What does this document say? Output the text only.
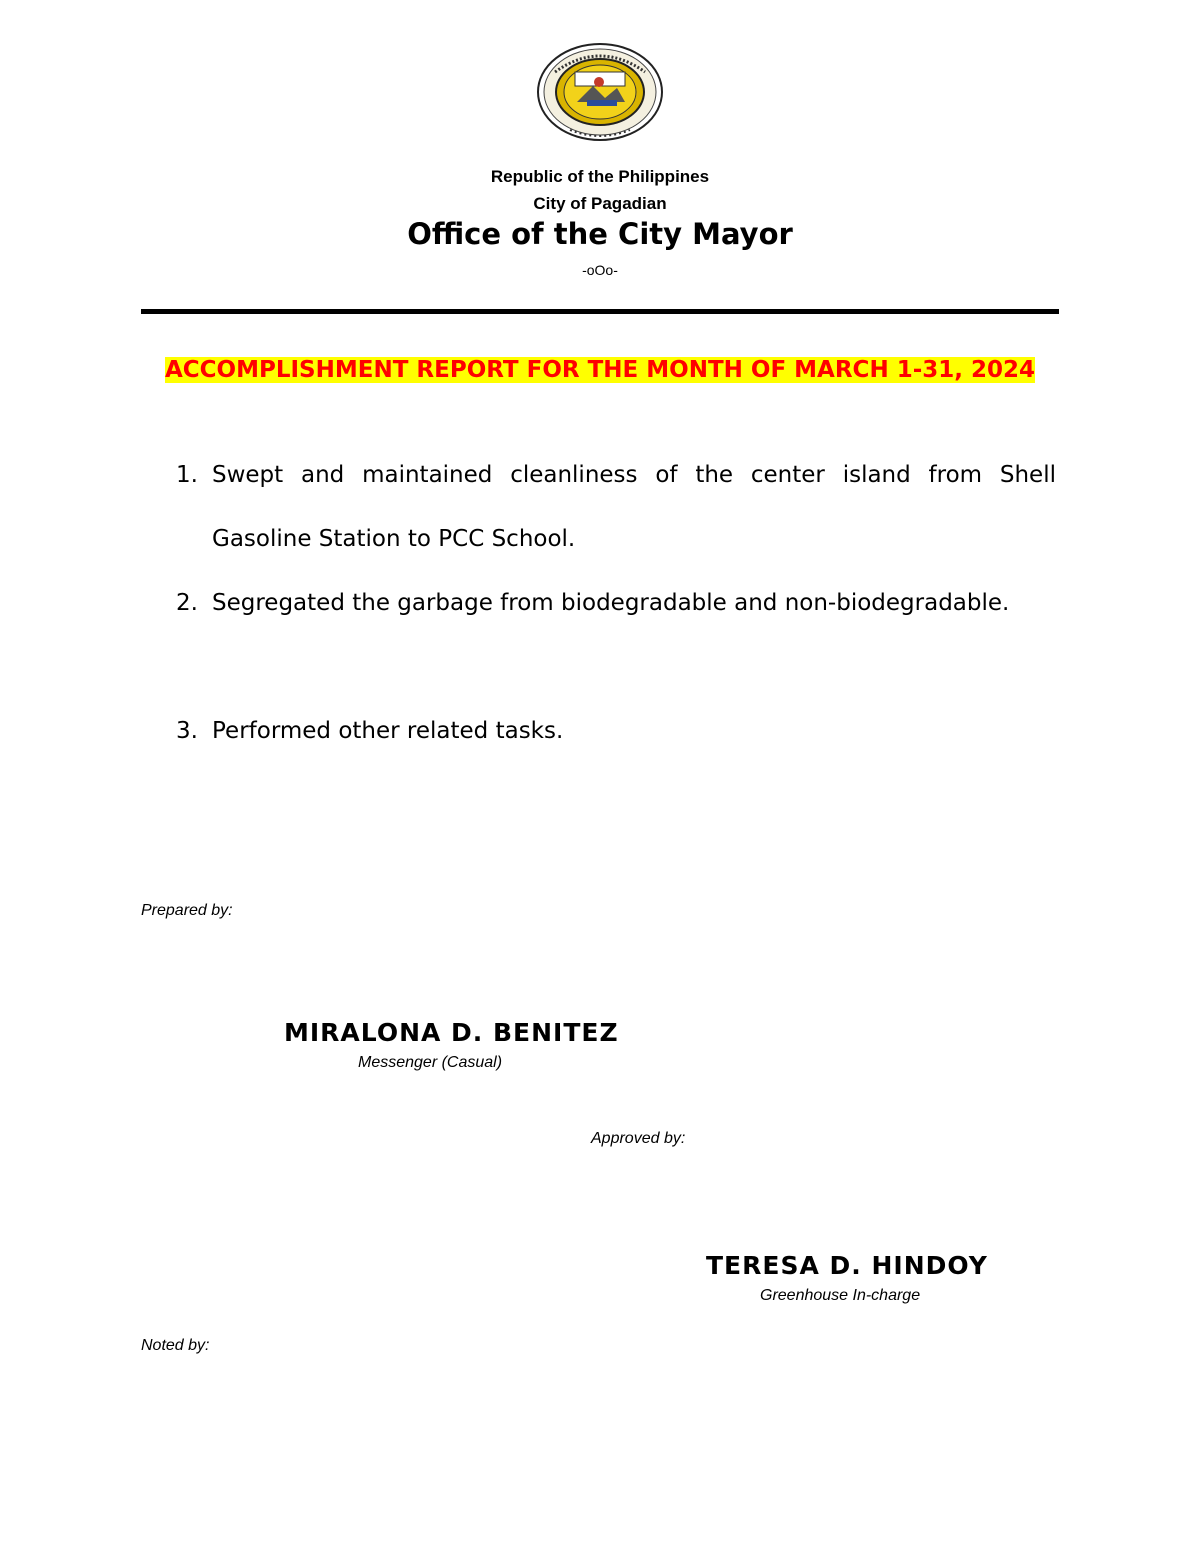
Republic of the Philippines
City of Pagadian
Office of the City Mayor
-oOo-
ACCOMPLISHMENT REPORT FOR THE MONTH OF MARCH 1-31, 2024
1. Swept and maintained cleanliness of the center island from Shell Gasoline Station to PCC School.
2. Segregated the garbage from biodegradable and non-biodegradable.
3. Performed other related tasks.
Prepared by:
MIRALONA D. BENITEZ
Messenger (Casual)
Approved by:
TERESA D. HINDOY
Greenhouse In-charge
Noted by:
